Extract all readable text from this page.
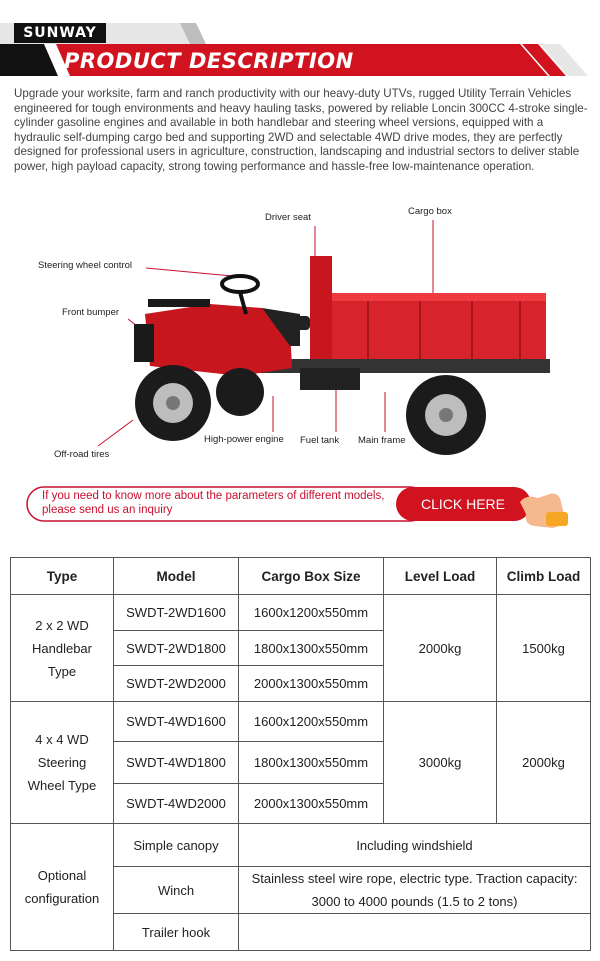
SUNWAY
PRODUCT DESCRIPTION

Upgrade your worksite, farm and ranch productivity with our heavy-duty UTVs, rugged Utility Terrain Vehicles engineered for tough environments and heavy hauling tasks, powered by reliable Loncin 300CC 4-stroke single-cylinder gasoline engines and available in both handlebar and steering wheel versions, equipped with a hydraulic self-dumping cargo bed and supporting 2WD and selectable 4WD drive modes, they are perfectly designed for professional users in agriculture, construction, landscaping and industrial sectors to deliver stable power, high payload capacity, strong towing performance and hassle-free low-maintenance operation.

Driver seat
Cargo box
Steering wheel control
Front bumper
High-power engine Fuel tank Main frame
Off-road tires
If you need to know more about the parameters of different models, please send us an inquiry	CLICK HERE
Type	Model	Cargo Box Size	Level Load	Climb Load
2 x 2 WD Handlebar Type	SWDT-2WD1600	1600x1200x550mm	2000kg	1500kg
	SWDT-2WD1800	1800x1300x550mm		
	SWDT-2WD2000	2000x1300x550mm		
4 x 4 WD Steering Wheel Type	SWDT-4WD1600	1600x1200x550mm	3000kg	2000kg
	SWDT-4WD1800	1800x1300x550mm		
	SWDT-4WD2000	2000x1300x550mm		
Optional configuration	Simple canopy	Including windshield		
	Winch	Stainless steel wire rope, electric type. Traction capacity: 3000 to 4000 pounds (1.5 to 2 tons)		
	Trailer hook			
